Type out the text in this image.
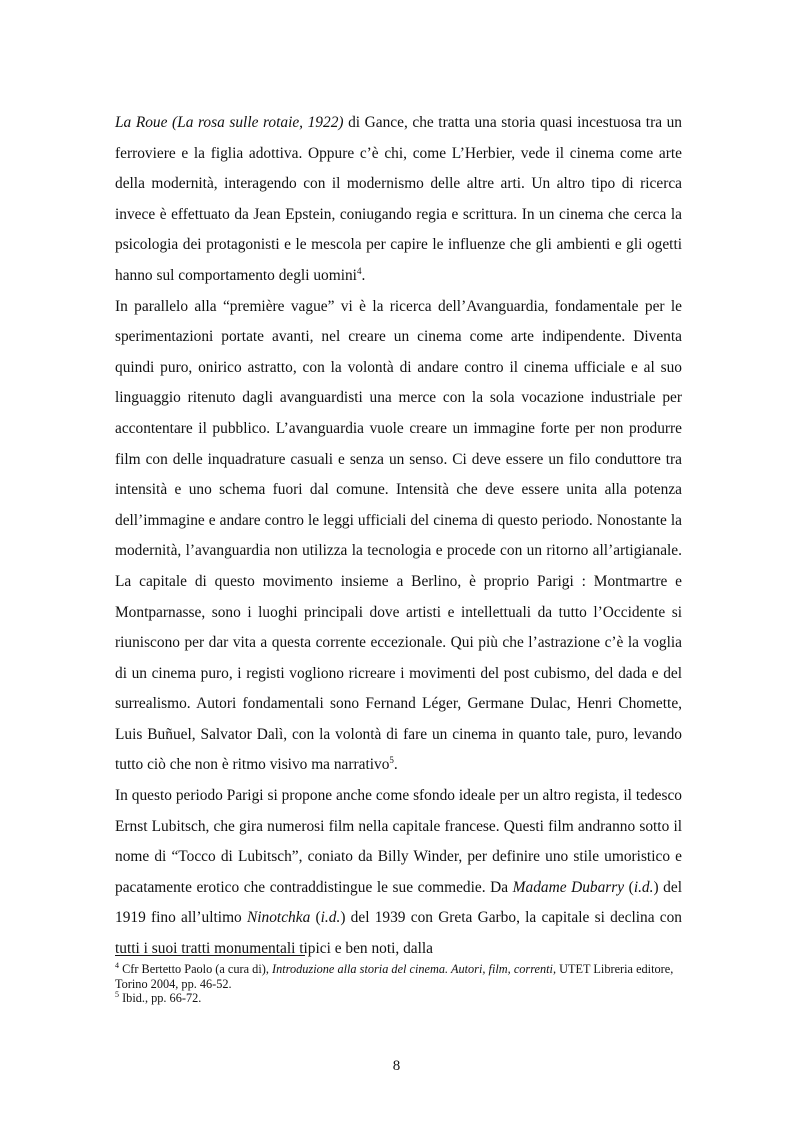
La Roue (La rosa sulle rotaie, 1922) di Gance, che tratta una storia quasi incestuosa tra un ferroviere e la figlia adottiva. Oppure c’è chi, come L’Herbier, vede il cinema come arte della modernità, interagendo con il modernismo delle altre arti. Un altro tipo di ricerca invece è effettuato da Jean Epstein, coniugando regia e scrittura. In un cinema che cerca la psicologia dei protagonisti e le mescola per capire le influenze che gli ambienti e gli ogetti hanno sul comportamento degli uomini$^4$.

In parallelo alla “première vague” vi è la ricerca dell’Avanguardia, fondamentale per le sperimentazioni portate avanti, nel creare un cinema come arte indipendente. Diventa quindi puro, onirico astratto, con la volontà di andare contro il cinema ufficiale e al suo linguaggio ritenuto dagli avanguardisti una merce con la sola vocazione industriale per accontentare il pubblico. L’avanguardia vuole creare un immagine forte per non produrre film con delle inquadrature casuali e senza un senso. Ci deve essere un filo conduttore tra intensità e uno schema fuori dal comune. Intensità che deve essere unita alla potenza dell’immagine e andare contro le leggi ufficiali del cinema di questo periodo. Nonostante la modernità, l’avanguardia non utilizza la tecnologia e procede con un ritorno all’artigianale. La capitale di questo movimento insieme a Berlino, è proprio Parigi : Montmartre e Montparnasse, sono i luoghi principali dove artisti e intellettuali da tutto l’Occidente si riuniscono per dar vita a questa corrente eccezionale. Qui più che l’astrazione c’è la voglia di un cinema puro, i registi vogliono ricreare i movimenti del post cubismo, del dada e del surrealismo. Autori fondamentali sono Fernand Léger, Germane Dulac, Henri Chomette, Luis Buñuel, Salvator Dalì, con la volontà di fare un cinema in quanto tale, puro, levando tutto ciò che non è ritmo visivo ma narrativo$^5$.

In questo periodo Parigi si propone anche come sfondo ideale per un altro regista, il tedesco Ernst Lubitsch, che gira numerosi film nella capitale francese. Questi film andranno sotto il nome di “Tocco di Lubitsch”, coniato da Billy Winder, per definire uno stile umoristico e pacatamente erotico che contraddistingue le sue commedie. Da Madame Dubarry (i.d.) del 1919 fino all’ultimo Ninotchka (i.d.) del 1939 con Greta Garbo, la capitale si declina con tutti i suoi tratti monumentali tipici e ben noti, dalla

$^4$ Cfr Bertetto Paolo (a cura di), Introduzione alla storia del cinema. Autori, film, correnti, UTET Libreria editore, Torino 2004, pp. 46-52.

$^5$ Ibid., pp. 66-72.

8
